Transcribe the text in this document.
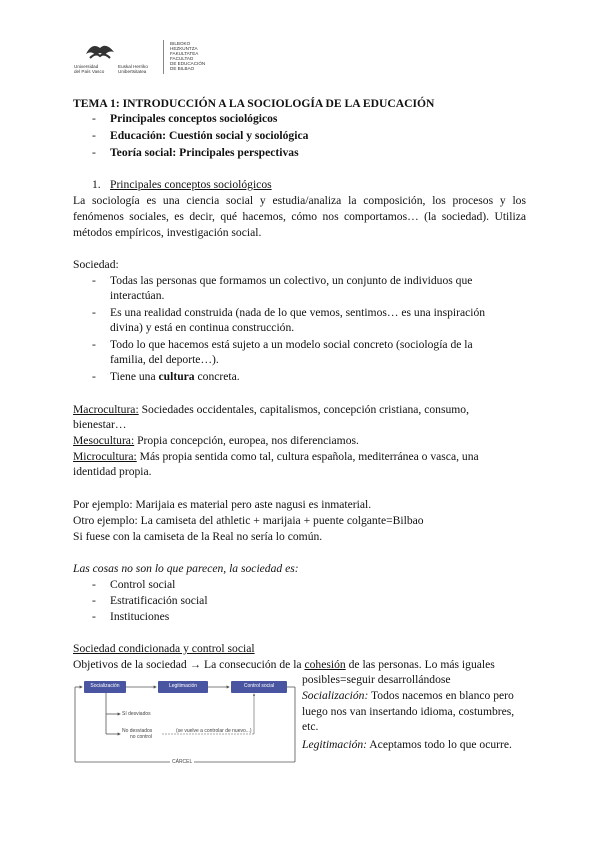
Universidad
del País Vasco
Euskal Herriko
Unibertsitatea
BILBOKO
HEZKUNTZA
FAKULTATEA
FACULTAD
DE EDUCACIÓN
DE BILBAO
TEMA 1: INTRODUCCIÓN A LA SOCIOLOGÍA DE LA EDUCACIÓN
- Principales conceptos sociológicos
- Educación: Cuestión social y sociológica
- Teoría social: Principales perspectivas
1. Principales conceptos sociológicos
La sociología es una ciencia social y estudia/analiza la composición, los procesos y los
fenómenos sociales, es decir, qué hacemos, cómo nos comportamos… (la sociedad). Utiliza
métodos empíricos, investigación social.
Sociedad:
- Todas las personas que formamos un colectivo, un conjunto de individuos que
interactúan.
- Es una realidad construida (nada de lo que vemos, sentimos… es una inspiración
divina) y está en continua construcción.
- Todo lo que hacemos está sujeto a un modelo social concreto (sociología de la
familia, del deporte…).
- Tiene una cultura concreta.
Macrocultura: Sociedades occidentales, capitalismos, concepción cristiana, consumo,
bienestar…
Mesocultura: Propia concepción, europea, nos diferenciamos.
Microcultura: Más propia sentida como tal, cultura española, mediterránea o vasca, una
identidad propia.
Por ejemplo: Marijaia es material pero aste nagusi es inmaterial.
Otro ejemplo: La camiseta del athletic + marijaia + puente colgante=Bilbao
Si fuese con la camiseta de la Real no sería lo común.
Las cosas no son lo que parecen, la sociedad es:
- Control social
- Estratificación social
- Instituciones
Sociedad condicionada y control social
Objetivos de la sociedad → La consecución de la cohesión de las personas. Lo más iguales
posibles=seguir desarrollándose
Socialización: Todos nacemos en blanco pero
luego nos van insertando idioma, costumbres,
etc.
Legitimación: Aceptamos todo lo que ocurre.
Socialización	Legitimación	Control social
Sí desviados
No desviados
no control
(se vuelve a controlar de nuevo...)
CÁRCEL
